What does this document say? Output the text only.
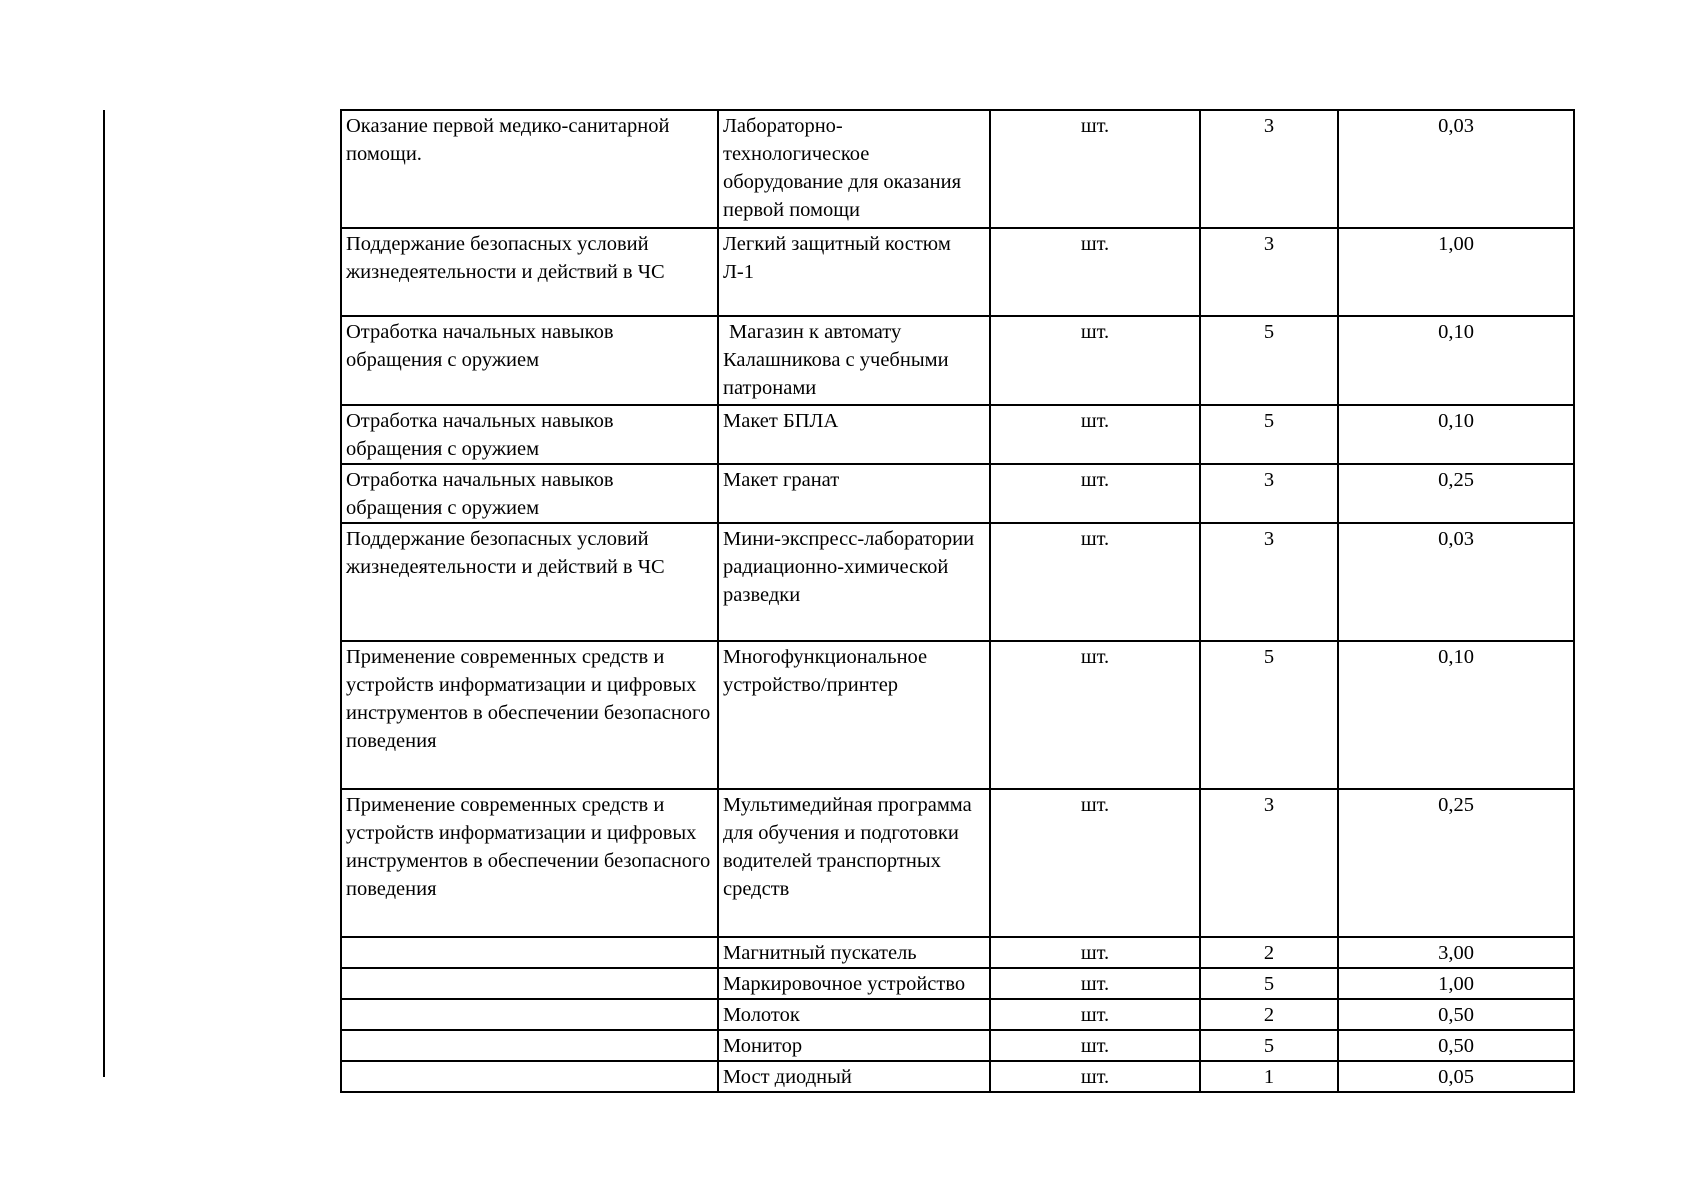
Оказание первой медико-санитарной помощи.	Лабораторно-технологическое оборудование для оказания первой помощи	шт.	3	0,03
Поддержание безопасных условий жизнедеятельности и действий в ЧС	Легкий защитный костюм Л-1	шт.	3	1,00
Отработка начальных навыков обращения с оружием	Магазин к автомату Калашникова с учебными патронами	шт.	5	0,10
Отработка начальных навыков обращения с оружием	Макет БПЛА	шт.	5	0,10
Отработка начальных навыков обращения с оружием	Макет гранат	шт.	3	0,25
Поддержание безопасных условий жизнедеятельности и действий в ЧС	Мини-экспресс-лаборатории радиационно-химической разведки	шт.	3	0,03
Применение современных средств и устройств информатизации и цифровых инструментов в обеспечении безопасного поведения	Многофункциональное устройство/принтер	шт.	5	0,10
Применение современных средств и устройств информатизации и цифровых инструментов в обеспечении безопасного поведения	Мультимедийная программа для обучения и подготовки водителей транспортных средств	шт.	3	0,25
	Магнитный пускатель	шт.	2	3,00
	Маркировочное устройство	шт.	5	1,00
	Молоток	шт.	2	0,50
	Монитор	шт.	5	0,50
	Мост диодный	шт.	1	0,05
